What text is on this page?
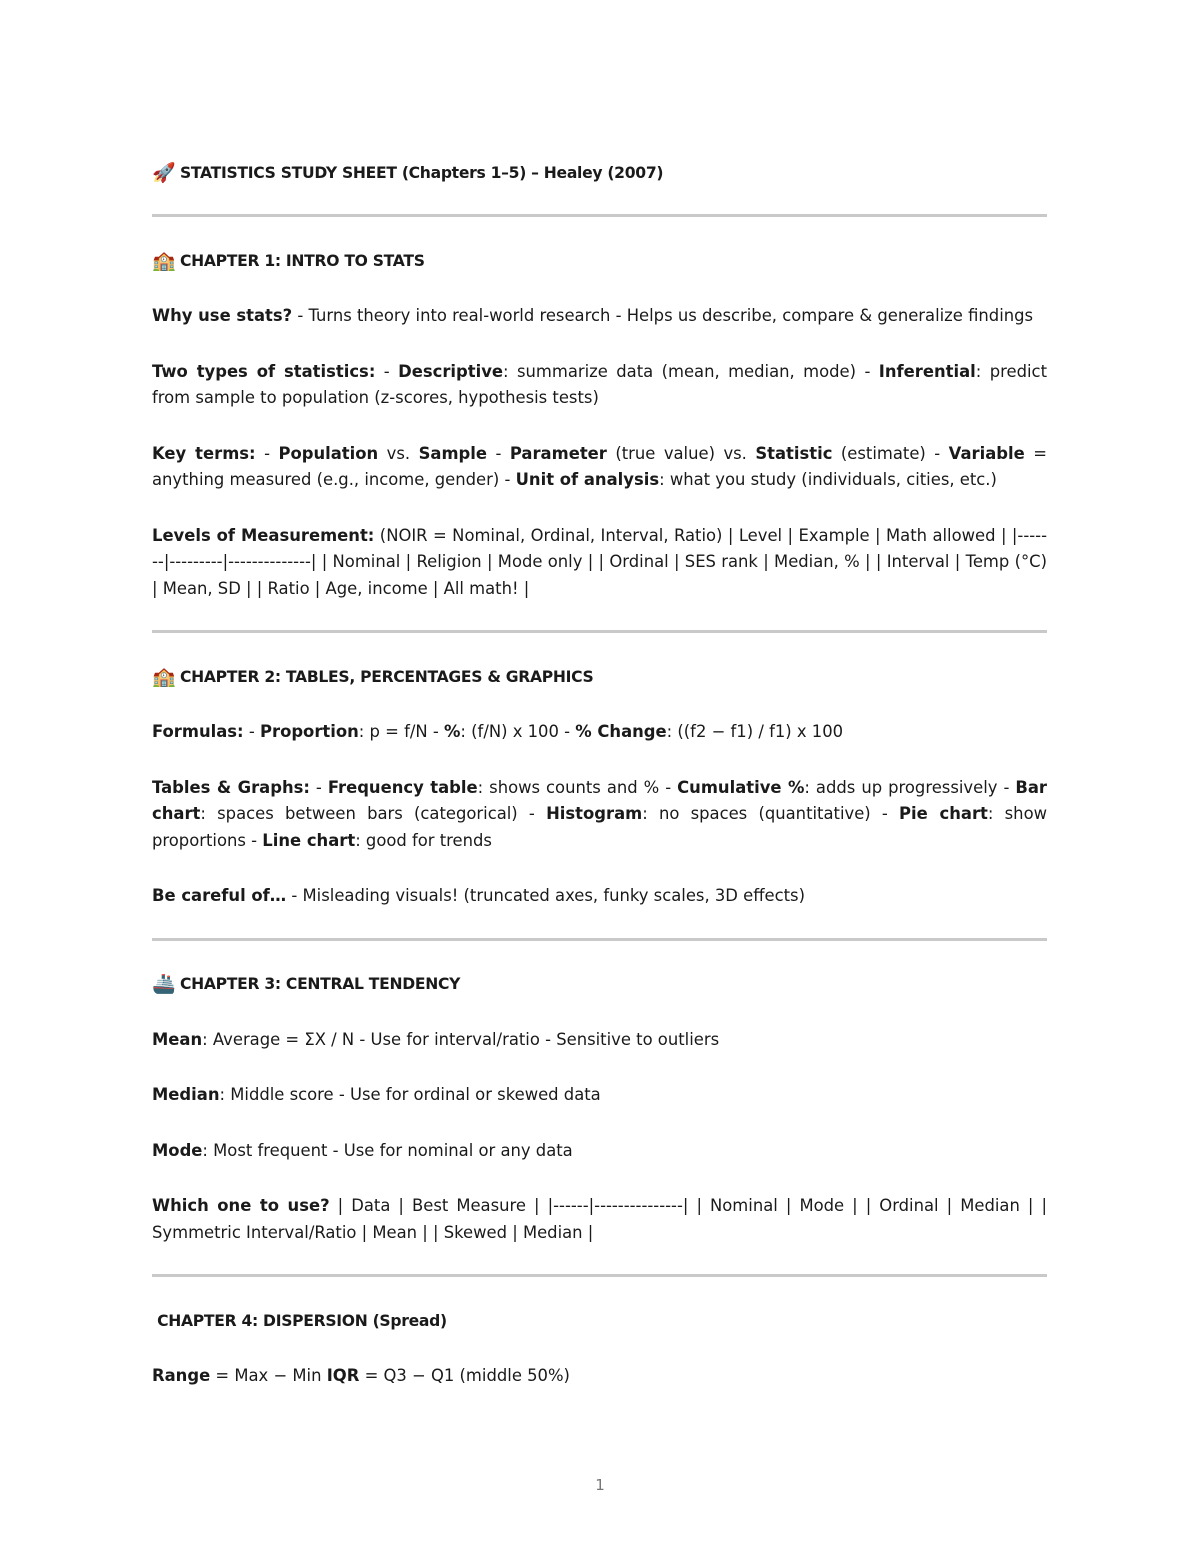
🚀 STATISTICS STUDY SHEET (Chapters 1–5) – Healey (2007)
🏫 CHAPTER 1: INTRO TO STATS

Why use stats? - Turns theory into real-world research - Helps us describe, compare & generalize findings

Two types of statistics: - Descriptive: summarize data (mean, median, mode) - Inferential: predict from sample to population (z-scores, hypothesis tests)

Key terms: - Population vs. Sample - Parameter (true value) vs. Statistic (estimate) - Variable = anything measured (e.g., income, gender) - Unit of analysis: what you study (individuals, cities, etc.)

Levels of Measurement: (NOIR = Nominal, Ordinal, Interval, Ratio) | Level | Example | Math allowed | |-------|---------|--------------| | Nominal | Religion | Mode only | | Ordinal | SES rank | Median, % | | Interval | Temp (°C) | Mean, SD | | Ratio | Age, income | All math! |

🏫 CHAPTER 2: TABLES, PERCENTAGES & GRAPHICS

Formulas: - Proportion: p = f/N - %: (f/N) x 100 - % Change: ((f2 − f1) / f1) x 100

Tables & Graphs: - Frequency table: shows counts and % - Cumulative %: adds up progressively - Bar chart: spaces between bars (categorical) - Histogram: no spaces (quantitative) - Pie chart: show proportions - Line chart: good for trends

Be careful of… - Misleading visuals! (truncated axes, funky scales, 3D effects)

🚢 CHAPTER 3: CENTRAL TENDENCY

Mean: Average = ΣX / N - Use for interval/ratio - Sensitive to outliers

Median: Middle score - Use for ordinal or skewed data

Mode: Most frequent - Use for nominal or any data

Which one to use? | Data | Best Measure | |------|---------------| | Nominal | Mode | | Ordinal | Median | | Symmetric Interval/Ratio | Mean | | Skewed | Median |

CHAPTER 4: DISPERSION (Spread)

Range = Max − Min IQR = Q3 − Q1 (middle 50%)

1
